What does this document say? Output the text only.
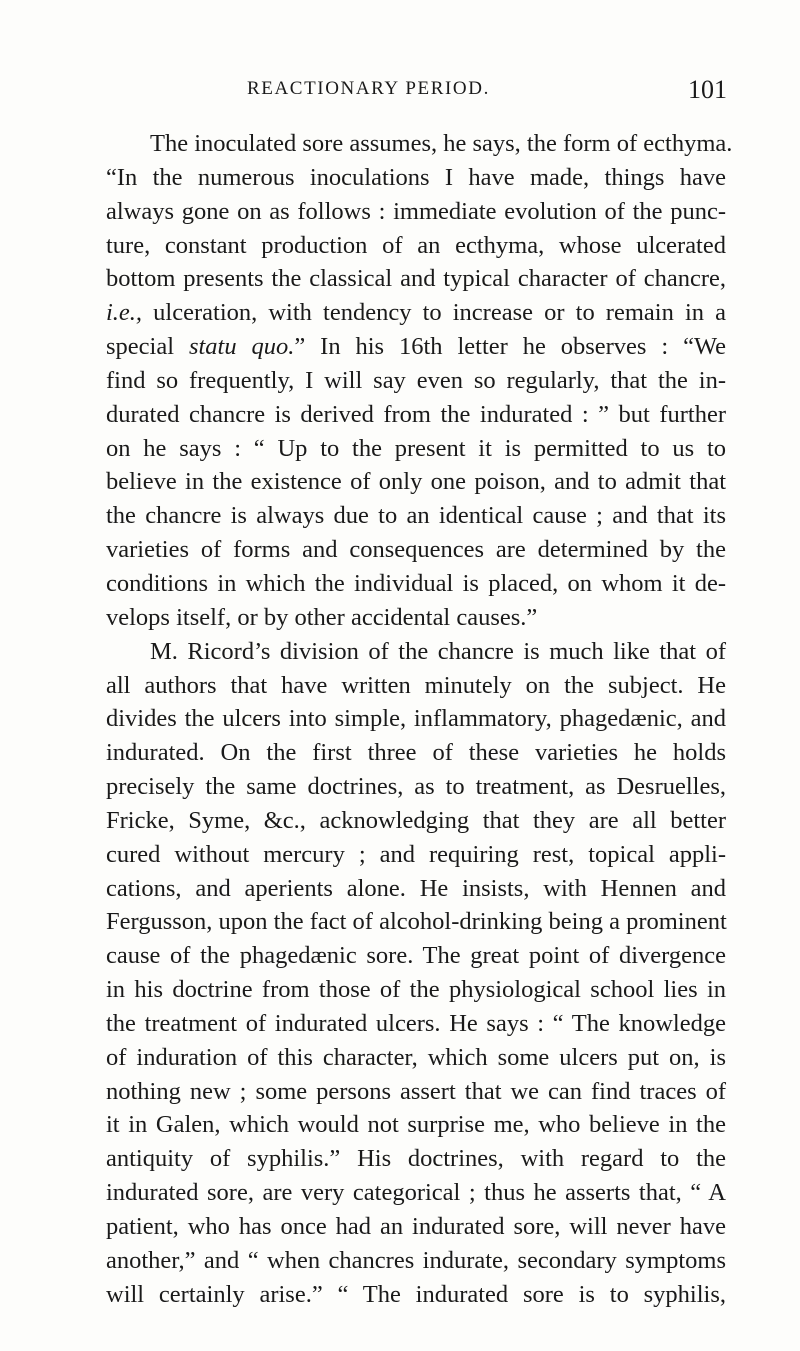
REACTIONARY PERIOD.	101
The inoculated sore assumes, he says, the form of ecthyma.
“In the numerous inoculations I have made, things have
always gone on as follows : immediate evolution of the punc-
ture, constant production of an ecthyma, whose ulcerated
bottom presents the classical and typical character of chancre,
i.e., ulceration, with tendency to increase or to remain in a
special statu quo.” In his 16th letter he observes : “We
find so frequently, I will say even so regularly, that the in-
durated chancre is derived from the indurated : ” but further
on he says : “ Up to the present it is permitted to us to
believe in the existence of only one poison, and to admit that
the chancre is always due to an identical cause ; and that its
varieties of forms and consequences are determined by the
conditions in which the individual is placed, on whom it de-
velops itself, or by other accidental causes.”
M. Ricord’s division of the chancre is much like that of
all authors that have written minutely on the subject. He
divides the ulcers into simple, inflammatory, phagedænic, and
indurated. On the first three of these varieties he holds
precisely the same doctrines, as to treatment, as Desruelles,
Fricke, Syme, &c., acknowledging that they are all better
cured without mercury ; and requiring rest, topical appli-
cations, and aperients alone. He insists, with Hennen and
Fergusson, upon the fact of alcohol-drinking being a prominent
cause of the phagedænic sore. The great point of divergence
in his doctrine from those of the physiological school lies in
the treatment of indurated ulcers. He says : “ The knowledge
of induration of this character, which some ulcers put on, is
nothing new ; some persons assert that we can find traces of
it in Galen, which would not surprise me, who believe in the
antiquity of syphilis.” His doctrines, with regard to the
indurated sore, are very categorical ; thus he asserts that, “ A
patient, who has once had an indurated sore, will never have
another,” and “ when chancres indurate, secondary symptoms
will certainly arise.” “ The indurated sore is to syphilis,
